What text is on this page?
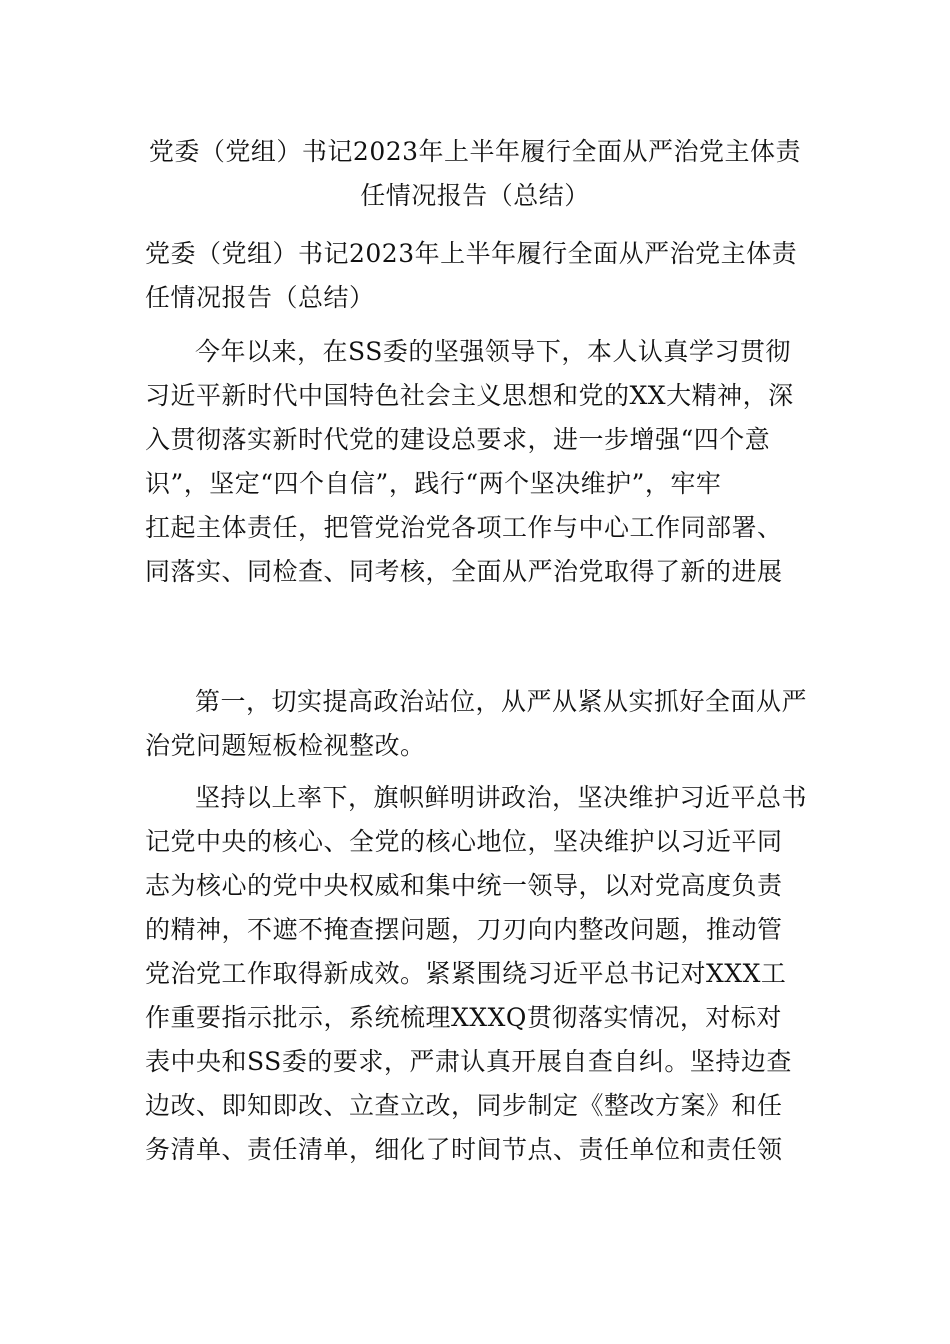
党委（党组）书记2023年上半年履行全面从严治党主体责
任情况报告（总结）
党委（党组）书记2023年上半年履行全面从严治党主体责
任情况报告（总结）
今年以来，在SS委的坚强领导下，本人认真学习贯彻
习近平新时代中国特色社会主义思想和党的XX大精神，深
入贯彻落实新时代党的建设总要求，进一步增强“四个意
识”，坚定“四个自信”，践行“两个坚决维护”，牢牢
扛起主体责任，把管党治党各项工作与中心工作同部署、
同落实、同检查、同考核，全面从严治党取得了新的进展
第一，切实提高政治站位，从严从紧从实抓好全面从严
治党问题短板检视整改。
坚持以上率下，旗帜鲜明讲政治，坚决维护习近平总书
记党中央的核心、全党的核心地位，坚决维护以习近平同
志为核心的党中央权威和集中统一领导，以对党高度负责
的精神，不遮不掩查摆问题，刀刃向内整改问题，推动管
党治党工作取得新成效。紧紧围绕习近平总书记对XXX工
作重要指示批示，系统梳理XXXQ贯彻落实情况，对标对
表中央和SS委的要求，严肃认真开展自查自纠。坚持边查
边改、即知即改、立查立改，同步制定《整改方案》和任
务清单、责任清单，细化了时间节点、责任单位和责任领
